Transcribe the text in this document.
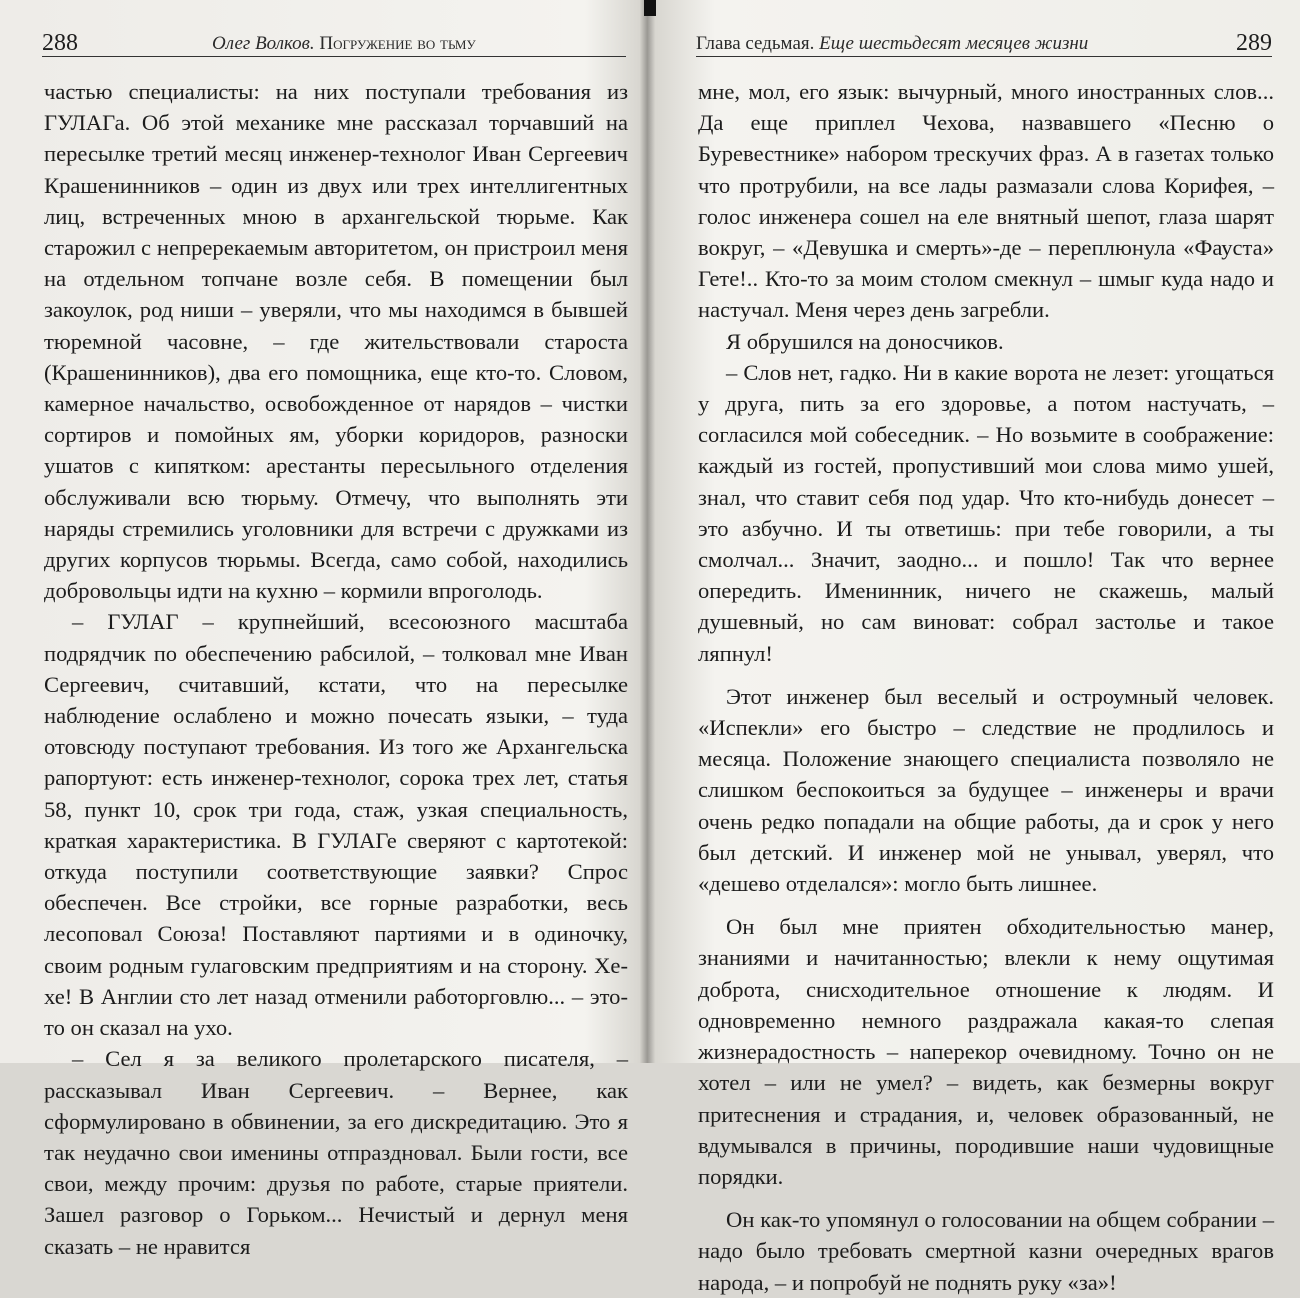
288	Олег Волков. Погружение во тьму

частью специалисты: на них поступали требования из ГУЛАГа. Об этой механике мне рассказал торчавший на пересылке третий месяц инженер-технолог Иван Сергеевич Крашенинников – один из двух или трех интеллигентных лиц, встреченных мною в архангельской тюрьме. Как старожил с непререкаемым авторитетом, он пристроил меня на отдельном топчане возле себя. В помещении был закоулок, род ниши – уверяли, что мы находимся в бывшей тюремной часовне, – где жительствовали староста (Крашенинников), два его помощника, еще кто-то. Словом, камерное начальство, освобожденное от нарядов – чистки сортиров и помойных ям, уборки коридоров, разноски ушатов с кипятком: арестанты пересыльного отделения обслуживали всю тюрьму. Отмечу, что выполнять эти наряды стремились уголовники для встречи с дружками из других корпусов тюрьмы. Всегда, само собой, находились добровольцы идти на кухню – кормили впроголодь.

– ГУЛАГ – крупнейший, всесоюзного масштаба подрядчик по обеспечению рабсилой, – толковал мне Иван Сергеевич, считавший, кстати, что на пересылке наблюдение ослаблено и можно почесать языки, – туда отовсюду поступают требования. Из того же Архангельска рапортуют: есть инженер-технолог, сорока трех лет, статья 58, пункт 10, срок три года, стаж, узкая специальность, краткая характеристика. В ГУЛАГе сверяют с картотекой: откуда поступили соответствующие заявки? Спрос обеспечен. Все стройки, все горные разработки, весь лесоповал Союза! Поставляют партиями и в одиночку, своим родным гулаговским предприятиям и на сторону. Хе-хе! В Англии сто лет назад отменили работорговлю... – это-то он сказал на ухо.

– Сел я за великого пролетарского писателя, – рассказывал Иван Сергеевич. – Вернее, как сформулировано в обвинении, за его дискредитацию. Это я так неудачно свои именины отпраздновал. Были гости, все свои, между прочим: друзья по работе, старые приятели. Зашел разговор о Горьком... Нечистый и дернул меня сказать – не нравится

Глава седьмая. Еще шестьдесят месяцев жизни	289

мне, мол, его язык: вычурный, много иностранных слов... Да еще приплел Чехова, назвавшего «Песню о Буревестнике» набором трескучих фраз. А в газетах только что протрубили, на все лады размазали слова Корифея, – голос инженера сошел на еле внятный шепот, глаза шарят вокруг, – «Девушка и смерть»-де – переплюнула «Фауста» Гете!.. Кто-то за моим столом смекнул – шмыг куда надо и настучал. Меня через день загребли.

Я обрушился на доносчиков.

– Слов нет, гадко. Ни в какие ворота не лезет: угощаться у друга, пить за его здоровье, а потом настучать, – согласился мой собеседник. – Но возьмите в соображение: каждый из гостей, пропустивший мои слова мимо ушей, знал, что ставит себя под удар. Что кто-нибудь донесет – это азбучно. И ты ответишь: при тебе говорили, а ты смолчал... Значит, заодно... и пошло! Так что вернее опередить. Именинник, ничего не скажешь, малый душевный, но сам виноват: собрал застолье и такое ляпнул!

Этот инженер был веселый и остроумный человек. «Испекли» его быстро – следствие не продлилось и месяца. Положение знающего специалиста позволяло не слишком беспокоиться за будущее – инженеры и врачи очень редко попадали на общие работы, да и срок у него был детский. И инженер мой не унывал, уверял, что «дешево отделался»: могло быть лишнее.

Он был мне приятен обходительностью манер, знаниями и начитанностью; влекли к нему ощутимая доброта, снисходительное отношение к людям. И одновременно немного раздражала какая-то слепая жизнерадостность – наперекор очевидному. Точно он не хотел – или не умел? – видеть, как безмерны вокруг притеснения и страдания, и, человек образованный, не вдумывался в причины, породившие наши чудовищные порядки.

Он как-то упомянул о голосовании на общем собрании – надо было требовать смертной казни очередных врагов народа, – и попробуй не поднять руку «за»!
